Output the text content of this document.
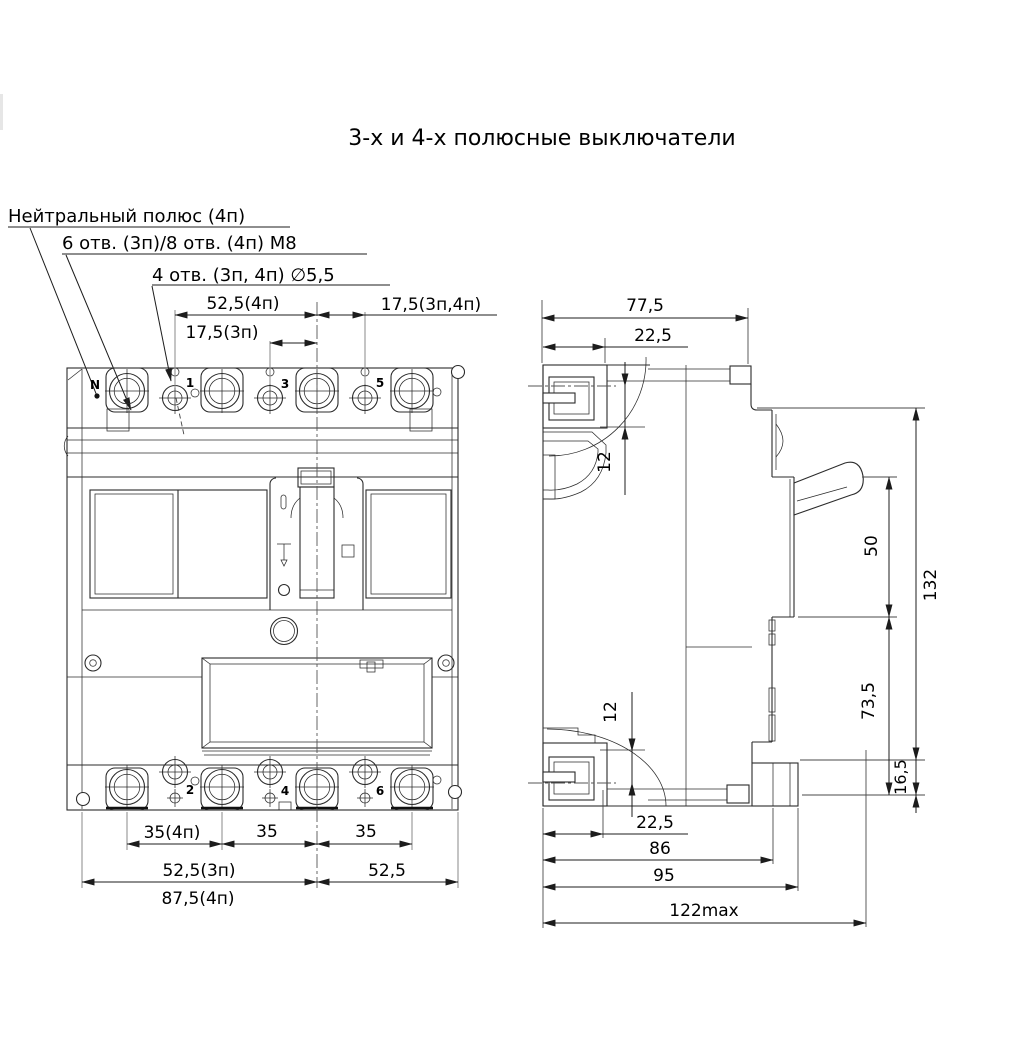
3-х и 4-х полюсные выключатели
Нейтральный полюс (4п)
6 отв. (3п)/8 отв. (4п) М8
4 отв. (3п, 4п) ∅5,5
N	1	3	5
2	4	6
52,5(4п)	17,5(3п,4п)
17,5(3п)
35(4п)	35	35
52,5(3п)	52,5
87,5(4п)
77,5
22,5
12
12
50
73,5
16,5
132
22,5
86
95
122max
